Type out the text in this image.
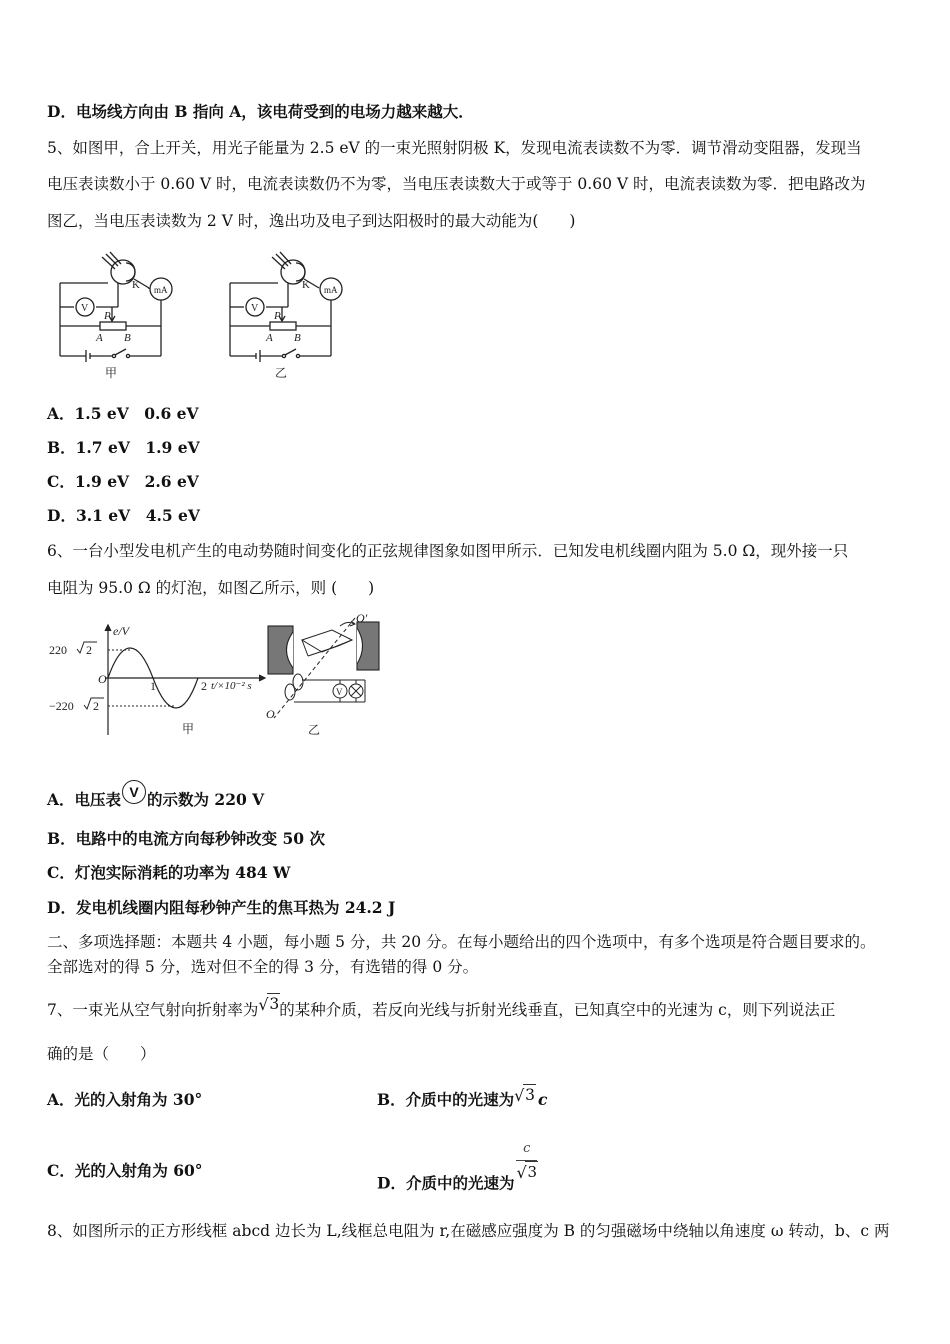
D．电场线方向由 B 指向 A，该电荷受到的电场力越来越大．
5、如图甲，合上开关，用光子能量为 2.5 eV 的一束光照射阴极 K，发现电流表读数不为零．调节滑动变阻器，发现当
电压表读数小于 0.60 V 时，电流表读数仍不为零，当电压表读数大于或等于 0.60 V 时，电流表读数为零．把电路改为
图乙，当电压表读数为 2 V 时，逸出功及电子到达阳极时的最大动能为(　　)
K mA
V
P
A B
甲
K mA
V
P
A B
乙
A．1.5 eV　0.6 eV
B．1.7 eV　1.9 eV
C．1.9 eV　2.6 eV
D．3.1 eV　4.5 eV
6、一台小型发电机产生的电动势随时间变化的正弦规律图象如图甲所示．已知发电机线圈内阻为 5.0 Ω，现外接一只
电阻为 95.0 Ω 的灯泡，如图乙所示，则 (　　)
e/V
220
−220
O	1	2 t/×10⁻² s
甲
2
2
O′
O
V
乙
A．电压表 V 的示数为 220 V
B．电路中的电流方向每秒钟改变 50 次
C．灯泡实际消耗的功率为 484 W
D．发电机线圈内阻每秒钟产生的焦耳热为 24.2 J
二、多项选择题：本题共 4 小题，每小题 5 分，共 20 分。在每小题给出的四个选项中，有多个选项是符合题目要求的。
全部选对的得 5 分，选对但不全的得 3 分，有选错的得 0 分。
7、一束光从空气射向折射率为 √ 3的某种介质，若反向光线与折射光线垂直，已知真空中的光速为 c，则下列说法正
确的是（　　）
A．光的入射角为 30°	B．介质中的光速为 √ 3 c
C．光的入射角为 60°
D．介质中的光速为 $\frac{c}{√ 3}$
8、如图所示的正方形线框 abcd 边长为 L,线框总电阻为 r,在磁感应强度为 B 的匀强磁场中绕轴以角速度 ω 转动，b、c 两
